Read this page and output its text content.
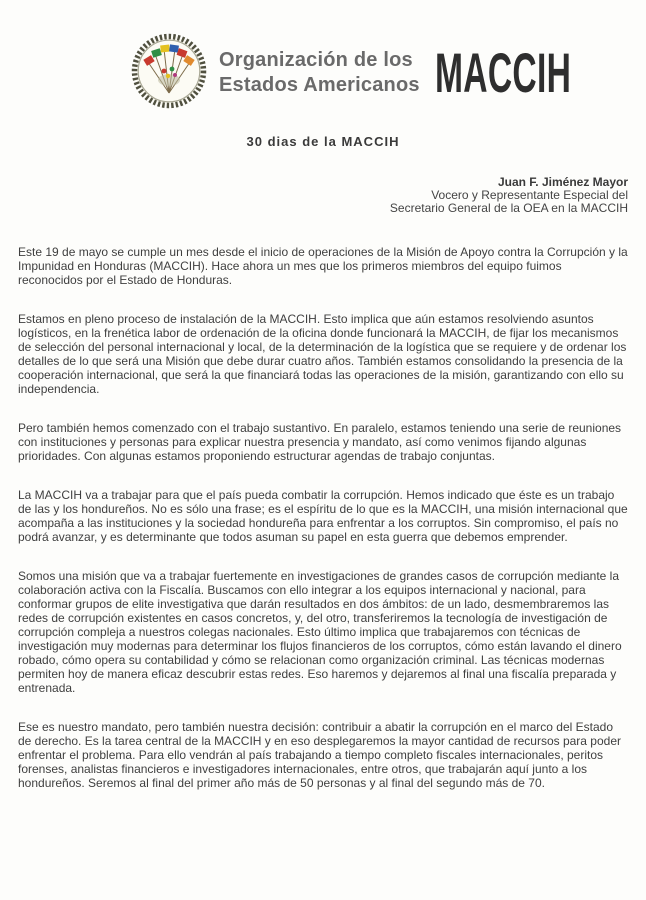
Organización de los
Estados Americanos MACCIH
30 dias de la MACCIH
Juan F. Jiménez Mayor
Vocero y Representante Especial del
Secretario General de la OEA en la MACCIH

Este 19 de mayo se cumple un mes desde el inicio de operaciones de la Misión de Apoyo contra la Corrupción y la Impunidad en Honduras (MACCIH). Hace ahora un mes que los primeros miembros del equipo fuimos reconocidos por el Estado de Honduras.

Estamos en pleno proceso de instalación de la MACCIH. Esto implica que aún estamos resolviendo asuntos logísticos, en la frenética labor de ordenación de la oficina donde funcionará la MACCIH, de fijar los mecanismos de selección del personal internacional y local, de la determinación de la logística que se requiere y de ordenar los detalles de lo que será una Misión que debe durar cuatro años. También estamos consolidando la presencia de la cooperación internacional, que será la que financiará todas las operaciones de la misión, garantizando con ello su independencia.

Pero también hemos comenzado con el trabajo sustantivo. En paralelo, estamos teniendo una serie de reuniones con instituciones y personas para explicar nuestra presencia y mandato, así como venimos fijando algunas prioridades. Con algunas estamos proponiendo estructurar agendas de trabajo conjuntas.

La MACCIH va a trabajar para que el país pueda combatir la corrupción. Hemos indicado que éste es un trabajo de las y los hondureños. No es sólo una frase; es el espíritu de lo que es la MACCIH, una misión internacional que acompaña a las instituciones y la sociedad hondureña para enfrentar a los corruptos. Sin compromiso, el país no podrá avanzar, y es determinante que todos asuman su papel en esta guerra que debemos emprender.

Somos una misión que va a trabajar fuertemente en investigaciones de grandes casos de corrupción mediante la colaboración activa con la Fiscalía. Buscamos con ello integrar a los equipos internacional y nacional, para conformar grupos de elite investigativa que darán resultados en dos ámbitos: de un lado, desmembraremos las redes de corrupción existentes en casos concretos, y, del otro, transferiremos la tecnología de investigación de corrupción compleja a nuestros colegas nacionales. Esto último implica que trabajaremos con técnicas de investigación muy modernas para determinar los flujos financieros de los corruptos, cómo están lavando el dinero robado, cómo opera su contabilidad y cómo se relacionan como organización criminal. Las técnicas modernas permiten hoy de manera eficaz descubrir estas redes. Eso haremos y dejaremos al final una fiscalía preparada y entrenada.

Ese es nuestro mandato, pero también nuestra decisión: contribuir a abatir la corrupción en el marco del Estado de derecho. Es la tarea central de la MACCIH y en eso desplegaremos la mayor cantidad de recursos para poder enfrentar el problema. Para ello vendrán al país trabajando a tiempo completo fiscales internacionales, peritos forenses, analistas financieros e investigadores internacionales, entre otros, que trabajarán aquí junto a los hondureños. Seremos al final del primer año más de 50 personas y al final del segundo más de 70.
